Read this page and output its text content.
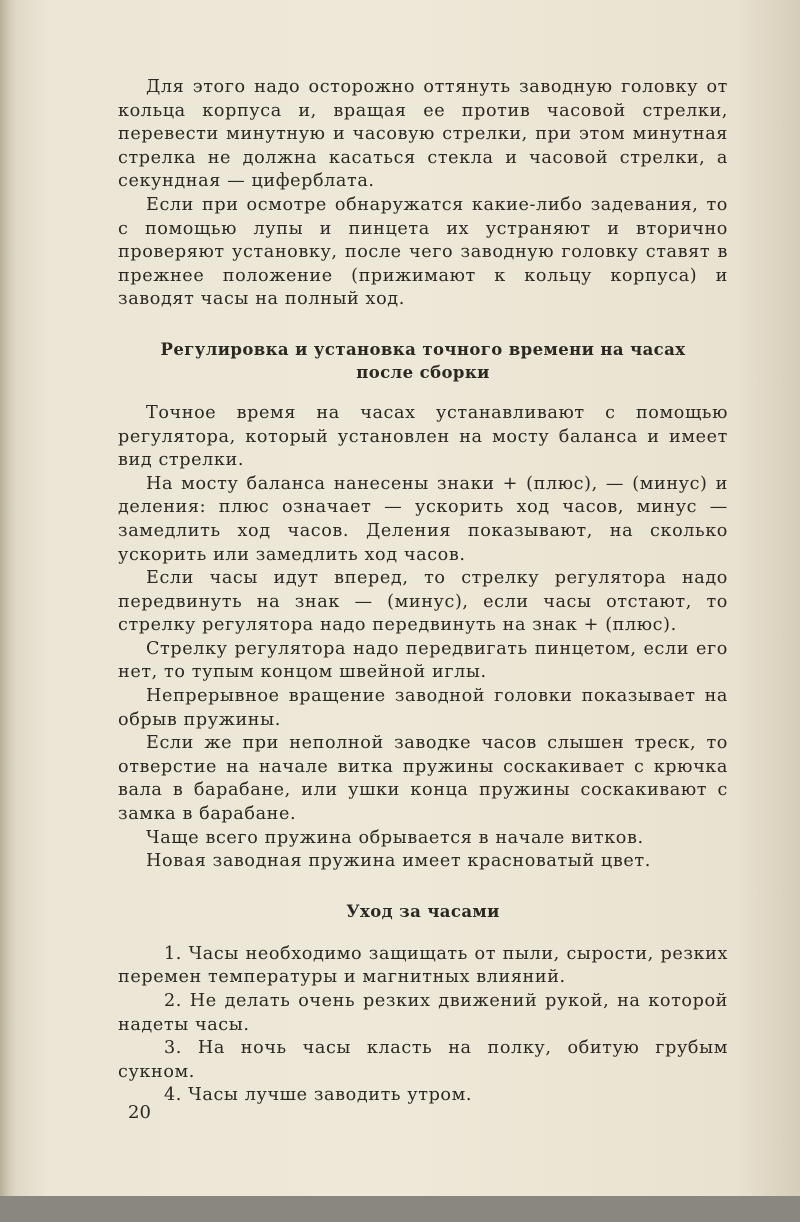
Для этого надо осторожно оттянуть заводную головку от кольца корпуса и, вращая ее против часовой стрелки, перевести минутную и часовую стрелки, при этом минутная стрелка не должна касаться стекла и часовой стрелки, а секундная — циферблата.

Если при осмотре обнаружатся какие-либо задевания, то с помощью лупы и пинцета их устраняют и вторично проверяют установку, после чего заводную головку ставят в прежнее положение (прижимают к кольцу корпуса) и заводят часы на полный ход.

Регулировка и установка точного времени на часах
после сборки

Точное время на часах устанавливают с помощью регулятора, который установлен на мосту баланса и имеет вид стрелки.

На мосту баланса нанесены знаки + (плюс), — (минус) и деления: плюс означает — ускорить ход часов, минус — замедлить ход часов. Деления показывают, на сколько ускорить или замедлить ход часов.

Если часы идут вперед, то стрелку регулятора надо передвинуть на знак — (минус), если часы отстают, то стрелку регулятора надо передвинуть на знак + (плюс).

Стрелку регулятора надо передвигать пинцетом, если его нет, то тупым концом швейной иглы.

Непрерывное вращение заводной головки показывает на обрыв пружины.

Если же при неполной заводке часов слышен треск, то отверстие на начале витка пружины соскакивает с крючка вала в барабане, или ушки конца пружины соскакивают с замка в барабане.

Чаще всего пружина обрывается в начале витков.

Новая заводная пружина имеет красноватый цвет.

Уход за часами

1. Часы необходимо защищать от пыли, сырости, резких перемен температуры и магнитных влияний.

2. Не делать очень резких движений рукой, на которой надеты часы.

3. На ночь часы класть на полку, обитую грубым сукном.

4. Часы лучше заводить утром.

20
